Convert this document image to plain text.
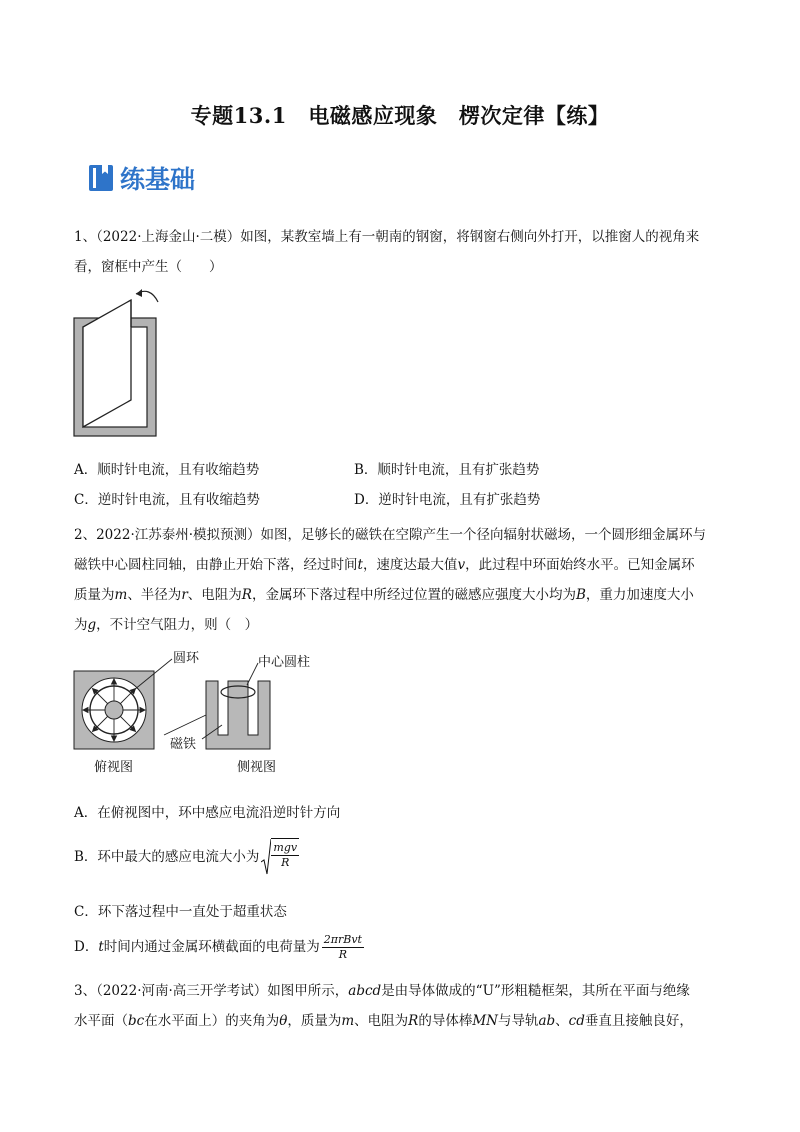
专题13.1　电磁感应现象　楞次定律【练】
练基础
1、（2022·上海金山·二模）如图，某教室墙上有一朝南的钢窗，将钢窗右侧向外打开，以推窗人的视角来
看，窗框中产生（　　）
A．顺时针电流，且有收缩趋势	B．顺时针电流，且有扩张趋势
C．逆时针电流，且有收缩趋势	D．逆时针电流，且有扩张趋势
2、2022·江苏泰州·模拟预测）如图，足够长的磁铁在空隙产生一个径向辐射状磁场，一个圆形细金属环与
磁铁中心圆柱同轴，由静止开始下落，经过时间t，速度达最大值v，此过程中环面始终水平。已知金属环
质量为m、半径为r、电阻为R，金属环下落过程中所经过位置的磁感应强度大小均为B，重力加速度大小
为g，不计空气阻力，则（　）
圆环	中心圆柱
磁铁
俯视图	侧视图
A．在俯视图中，环中感应电流沿逆时针方向
B．环中最大的感应电流大小为 $\frac{\text{mgv}}{R}$
C．环下落过程中一直处于超重状态
D． t 时间内通过金属环横截面的电荷量为 $\frac{\text{2πrBvt}}{R}$
3、（2022·河南·高三开学考试）如图甲所示，abcd是由导体做成的“U”形粗糙框架，其所在平面与绝缘
水平面（bc在水平面上）的夹角为θ，质量为m、电阻为R的导体棒MN与导轨ab、cd垂直且接触良好，
